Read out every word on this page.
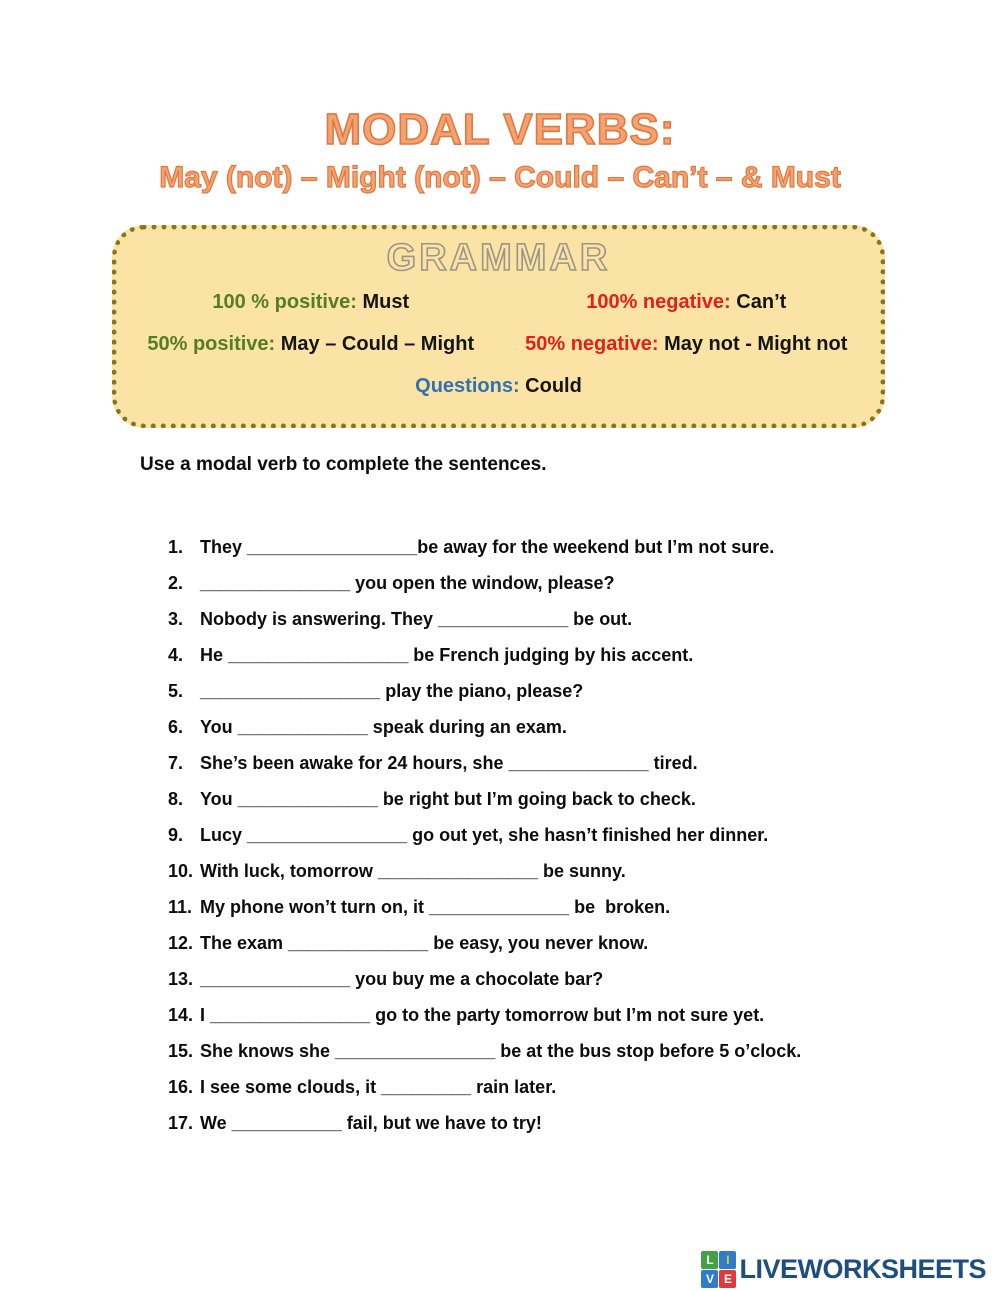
MODAL VERBS:
May (not) – Might (not) – Could – Can’t – & Must
GRAMMAR
100 % positive: Must	100% negative: Can’t
50% positive: May – Could – Might	50% negative: May not - Might not
Questions: Could
Use a modal verb to complete the sentences.
1. They _________________be away for the weekend but I’m not sure.
2. _______________ you open the window, please?
3. Nobody is answering. They _____________ be out.
4. He __________________ be French judging by his accent.
5. __________________ play the piano, please?
6. You _____________ speak during an exam.
7. She’s been awake for 24 hours, she ______________ tired.
8. You ______________ be right but I’m going back to check.
9. Lucy ________________ go out yet, she hasn’t finished her dinner.
10. With luck, tomorrow ________________ be sunny.
11. My phone won’t turn on, it ______________ be  broken.
12. The exam ______________ be easy, you never know.
13. _______________ you buy me a chocolate bar?
14. I ________________ go to the party tomorrow but I’m not sure yet.
15. She knows she ________________ be at the bus stop before 5 o’clock.
16. I see some clouds, it _________ rain later.
17. We ___________ fail, but we have to try!
L	I
V E LIVEWORKSHEETS
